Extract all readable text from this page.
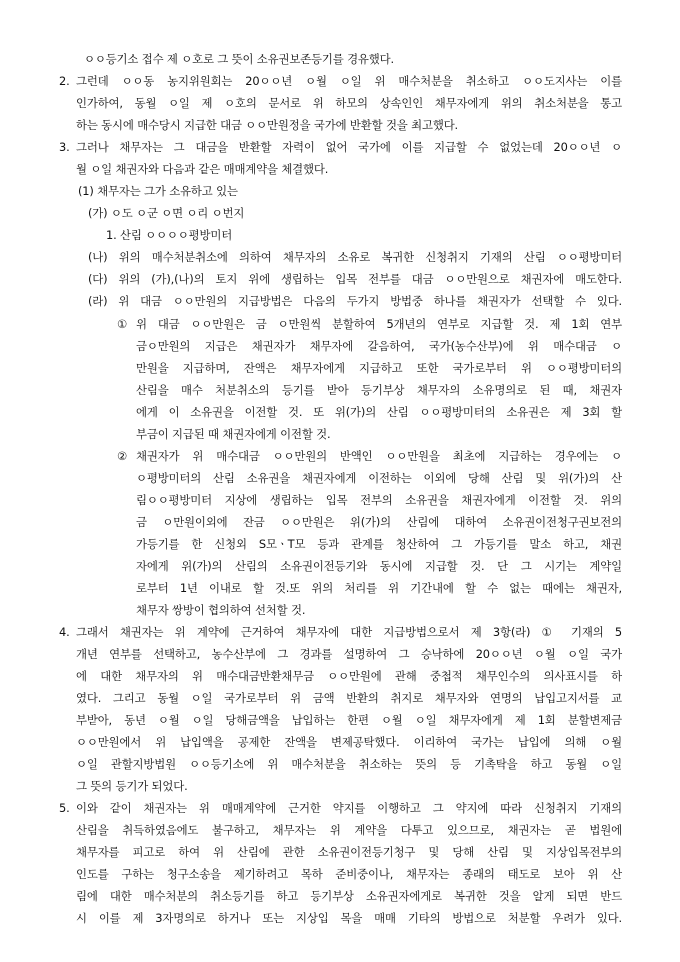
ㅇㅇ등기소 접수 제 ㅇ호로 그 뜻이 소유권보존등기를 경유했다.
2. 그런데 ㅇㅇ동 농지위원회는 20ㅇㅇ년 ㅇ월 ㅇ일 위 매수처분을 취소하고 ㅇㅇ도지사는 이를
인가하여, 동월 ㅇ일 제 ㅇ호의 문서로 위 하모의 상속인인 채무자에게 위의 취소처분을 통고
하는 동시에 매수당시 지급한 대금 ㅇㅇ만원정을 국가에 반환할 것을 최고했다.
3. 그러나 채무자는 그 대금을 반환할 자력이 없어 국가에 이를 지급할 수 없었는데 20ㅇㅇ년 ㅇ
월 ㅇ일 채권자와 다음과 같은 매매계약을 체결했다.
(1) 채무자는 그가 소유하고 있는
(가) ㅇ도 ㅇ군 ㅇ면 ㅇ리 ㅇ번지
1. 산림 ㅇㅇㅇㅇ평방미터
(나) 위의 매수처분취소에 의하여 채무자의 소유로 복귀한 신청취지 기재의 산림 ㅇㅇ평방미터
(다) 위의 (가),(나)의 토지 위에 생립하는 입목 전부를 대금 ㅇㅇ만원으로 채권자에 매도한다.
(라) 위 대금 ㅇㅇ만원의 지급방법은 다음의 두가지 방법중 하나를 채권자가 선택할 수 있다.
① 위 대금 ㅇㅇ만원은 금 ㅇ만원씩 분할하여 5개년의 연부로 지급할 것. 제 1회 연부
금ㅇ만원의 지급은 채권자가 채무자에 갈음하여, 국가(농수산부)에 위 매수대금 ㅇ
만원을 지급하며, 잔액은 채무자에게 지급하고 또한 국가로부터 위 ㅇㅇ평방미터의
산림을 매수 처분취소의 등기를 받아 등기부상 채무자의 소유명의로 된 때, 채권자
에게 이 소유권을 이전할 것. 또 위(가)의 산림 ㅇㅇ평방미터의 소유권은 제 3회 할
부금이 지급된 때 채권자에게 이전할 것.
② 채권자가 위 매수대금 ㅇㅇ만원의 반액인 ㅇㅇ만원을 최초에 지급하는 경우에는 ㅇ
ㅇ평방미터의 산림 소유권을 채권자에게 이전하는 이외에 당해 산림 및 위(가)의 산
림ㅇㅇ평방미터 지상에 생립하는 입목 전부의 소유권을 채권자에게 이전할 것. 위의
금 ㅇ만원이외에 잔금 ㅇㅇ만원은 위(가)의 산림에 대하여 소유권이전청구권보전의
가등기를 한 신청외 S모ㆍT모 등과 관계를 청산하여 그 가등기를 말소 하고, 채권
자에게 위(가)의 산림의 소유권이전등기와 동시에 지급할 것. 단 그 시기는 계약일
로부터 1년 이내로 할 것.또 위의 처리를 위 기간내에 할 수 없는 때에는 채권자,
채무자 쌍방이 협의하여 선처할 것.
4. 그래서 채권자는 위 계약에 근거하여 채무자에 대한 지급방법으로서 제 3항(라) ① 기재의 5
개년 연부를 선택하고, 농수산부에 그 경과를 설명하여 그 승낙하에 20ㅇㅇ년 ㅇ월 ㅇ일 국가
에 대한 채무자의 위 매수대금반환채무금 ㅇㅇ만원에 관해 중첩적 채무인수의 의사표시를 하
였다. 그리고 동월 ㅇ일 국가로부터 위 금액 반환의 취지로 채무자와 연명의 납입고지서를 교
부받아, 동년 ㅇ월 ㅇ일 당해금액을 납입하는 한편 ㅇ월 ㅇ일 채무자에게 제 1회 분할변제금
ㅇㅇ만원에서 위 납입액을 공제한 잔액을 변제공탁했다. 이리하여 국가는 납입에 의해 ㅇ월
ㅇ일 관할지방법원 ㅇㅇ등기소에 위 매수처분을 취소하는 뜻의 등 기촉탁을 하고 동월 ㅇ일
그 뜻의 등기가 되었다.
5. 이와 같이 채권자는 위 매매계약에 근거한 약지를 이행하고 그 약지에 따라 신청취지 기재의
산림을 취득하였음에도 불구하고, 채무자는 위 계약을 다투고 있으므로, 채권자는 곧 법원에
채무자를 피고로 하여 위 산림에 관한 소유권이전등기청구 및 당해 산림 및 지상입목전부의
인도를 구하는 청구소송을 제기하려고 목하 준비중이나, 채무자는 종래의 태도로 보아 위 산
림에 대한 매수처분의 취소등기를 하고 등기부상 소유권자에게로 복귀한 것을 알게 되면 반드
시 이를 제 3자명의로 하거나 또는 지상입 목을 매매 기타의 방법으로 처분할 우려가 있다.
